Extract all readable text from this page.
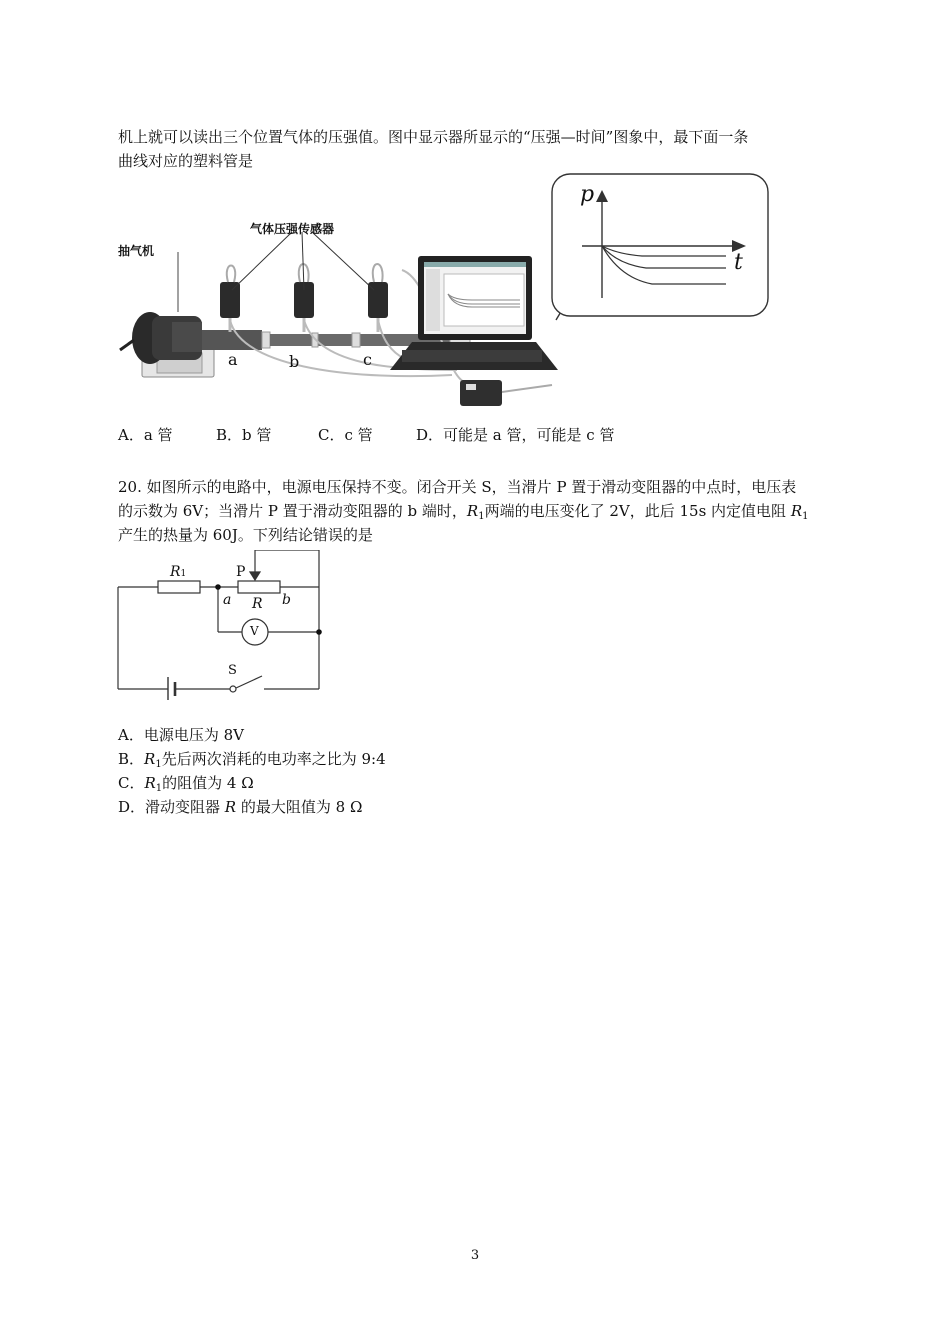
机上就可以读出三个位置气体的压强值。图中显示器所显示的“压强—时间”图象中，最下面一条
曲线对应的塑料管是
抽气机
气体压强传感器
a	b	c
p
t
A．a 管	B．b 管	C．c 管	D．可能是 a 管，可能是 c 管
20. 如图所示的电路中，电源电压保持不变。闭合开关 S，当滑片 P 置于滑动变阻器的中点时，电压表
的示数为 6V；当滑片 P 置于滑动变阻器的 b 端时，$R_1$两端的电压变化了 2V，此后 15s 内定值电阻 $R_1$
产生的热量为 60J。下列结论错误的是
R1	P
a R b
V
S
A．电源电压为 8V
B．$R_1$先后两次消耗的电功率之比为 9:4
C．$R_1$的阻值为 4 Ω
D．滑动变阻器 R 的最大阻值为 8 Ω
3
